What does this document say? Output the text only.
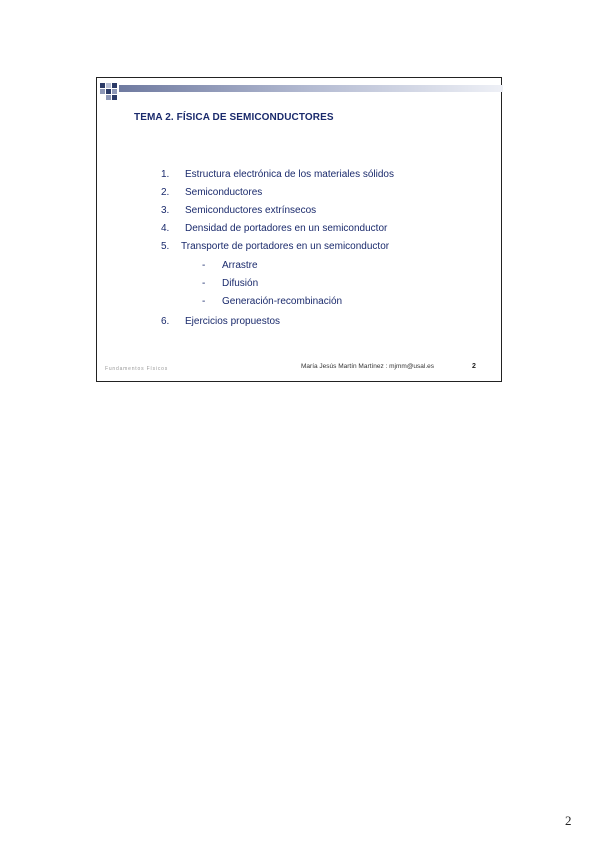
TEMA 2. FÍSICA DE SEMICONDUCTORES
1. Estructura electrónica de los materiales sólidos
2. Semiconductores
3. Semiconductores extrínsecos
4. Densidad de portadores en un semiconductor
5. Transporte de portadores en un semiconductor
- Arrastre
- Difusión
- Generación-recombinación
6. Ejercicios propuestos
Fundamentos Físicos	María Jesús Martín Martínez : mjmm@usal.es	2
2
